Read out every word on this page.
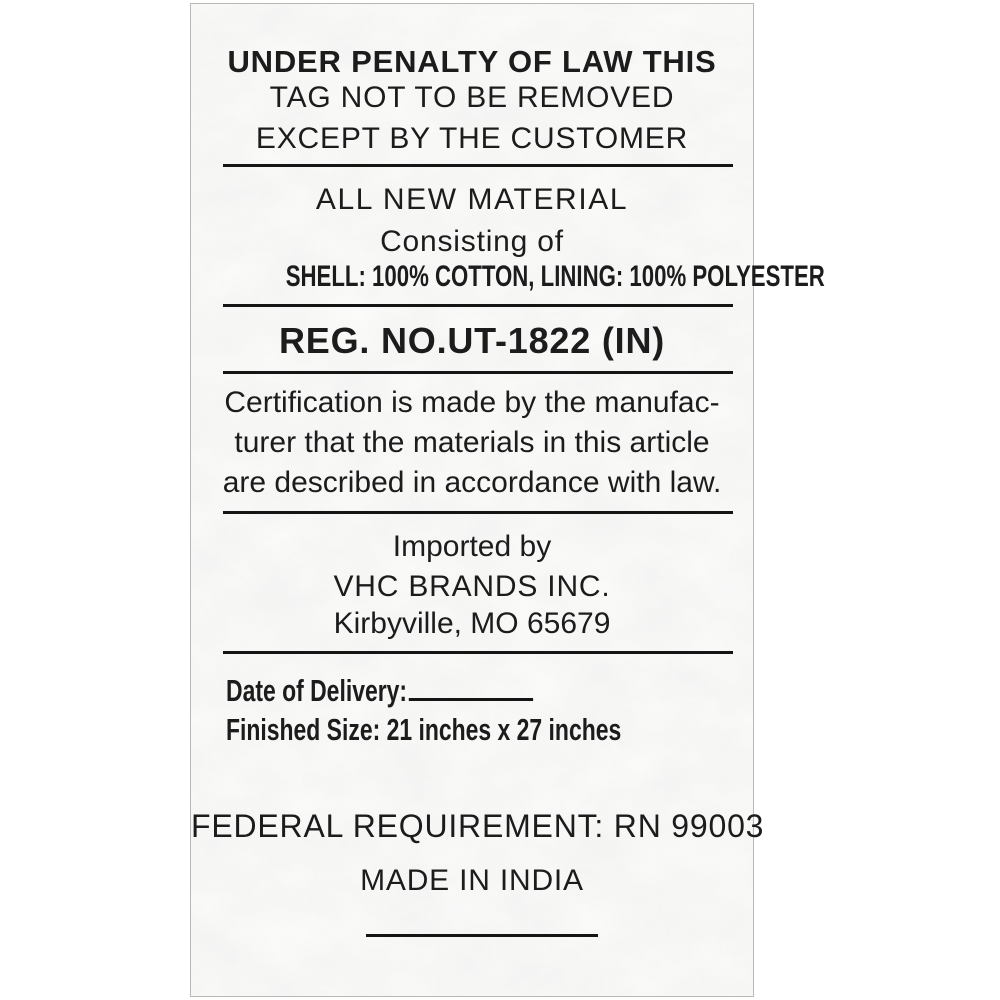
UNDER PENALTY OF LAW THIS
TAG NOT TO BE REMOVED
EXCEPT BY THE CUSTOMER
ALL NEW MATERIAL
Consisting of
SHELL: 100% COTTON, LINING: 100% POLYESTER
REG. NO.UT-1822 (IN)
Certification is made by the manufac-
turer that the materials in this article
are described in accordance with law.
Imported by
VHC BRANDS INC.
Kirbyville, MO 65679
Date of Delivery:
Finished Size: 21 inches x 27 inches
FEDERAL REQUIREMENT: RN 99003
MADE IN INDIA
